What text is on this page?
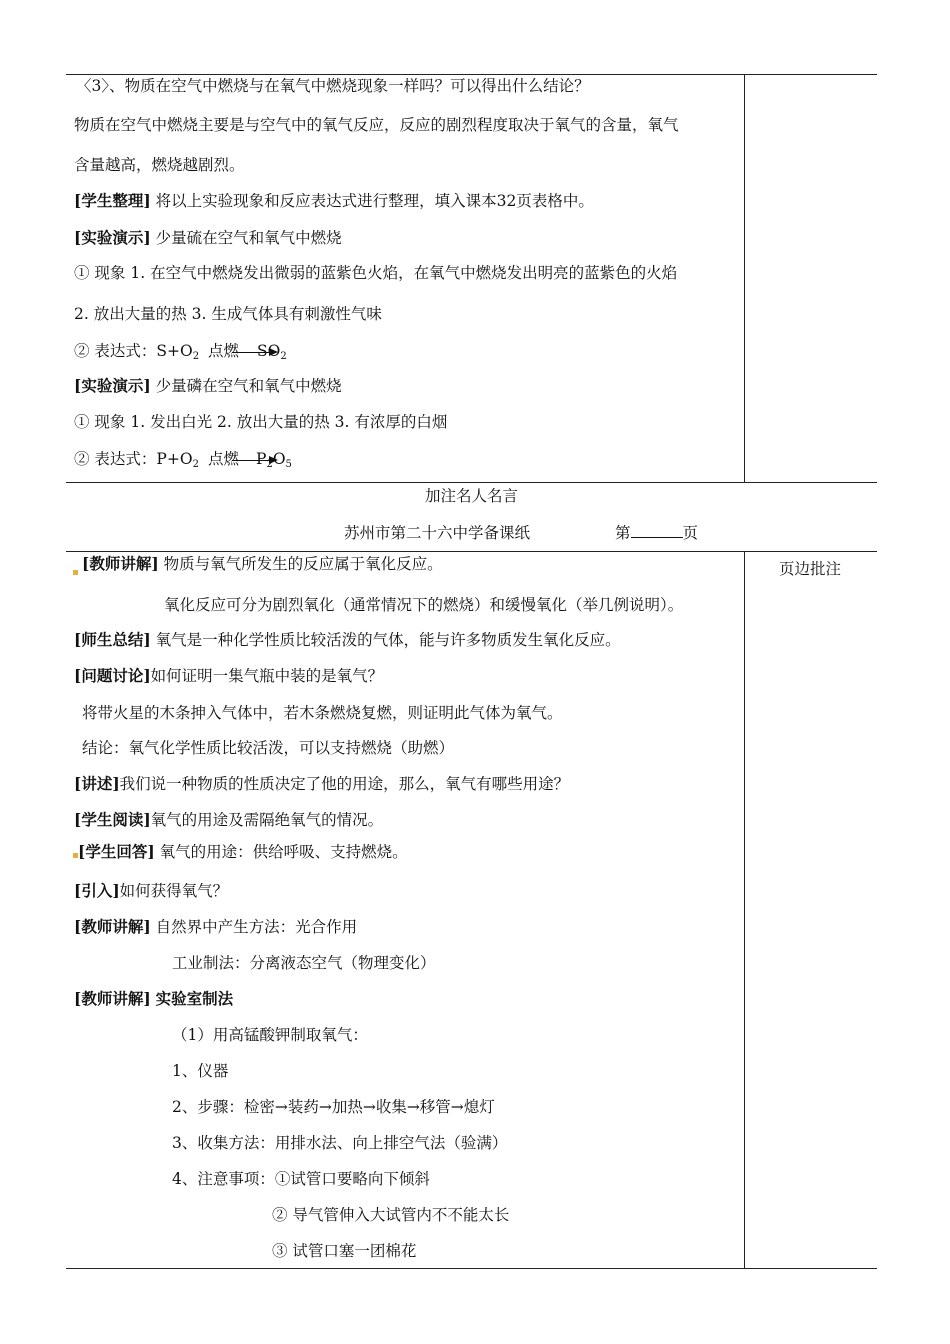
〈3〉、物质在空气中燃烧与在氧气中燃烧现象一样吗？可以得出什么结论？
物质在空气中燃烧主要是与空气中的氧气反应，反应的剧烈程度取决于氧气的含量，氧气
含量越高，燃烧越剧烈。
[学生整理] 将以上实验现象和反应表达式进行整理，填入课本32页表格中。
[实验演示] 少量硫在空气和氧气中燃烧
① 现象 1. 在空气中燃烧发出微弱的蓝紫色火焰，在氧气中燃烧发出明亮的蓝紫色的火焰
2. 放出大量的热 3. 生成气体具有刺激性气味
② 表达式：$S+O_2$ 点燃 $SO_2$
[实验演示] 少量磷在空气和氧气中燃烧
① 现象 1. 发出白光 2. 放出大量的热 3. 有浓厚的白烟
② 表达式：$P+O_2$ 点燃 $P_2O_5$
加注名人名言
苏州市第二十六中学备课纸	第	页
页边批注
[教师讲解] 物质与氧气所发生的反应属于氧化反应。
氧化反应可分为剧烈氧化（通常情况下的燃烧）和缓慢氧化（举几例说明）。
[师生总结] 氧气是一种化学性质比较活泼的气体，能与许多物质发生氧化反应。
[问题讨论]如何证明一集气瓶中装的是氧气？
将带火星的木条抻入气体中，若木条燃烧复燃，则证明此气体为氧气。
结论：氧气化学性质比较活泼，可以支持燃烧（助燃）
[讲述]我们说一种物质的性质决定了他的用途，那么，氧气有哪些用途？
[学生阅读]氧气的用途及需隔绝氧气的情况。
[学生回答] 氧气的用途：供给呼吸、支持燃烧。
[引入]如何获得氧气？
[教师讲解] 自然界中产生方法：光合作用
工业制法：分离液态空气（物理变化）
[教师讲解] 实验室制法
（1）用高锰酸钾制取氧气：
1、仪器
2、步骤：检密→装药→加热→收集→移管→熄灯
3、收集方法：用排水法、向上排空气法（验满）
4、注意事项：①试管口要略向下倾斜
② 导气管伸入大试管内不不能太长
③ 试管口塞一团棉花
